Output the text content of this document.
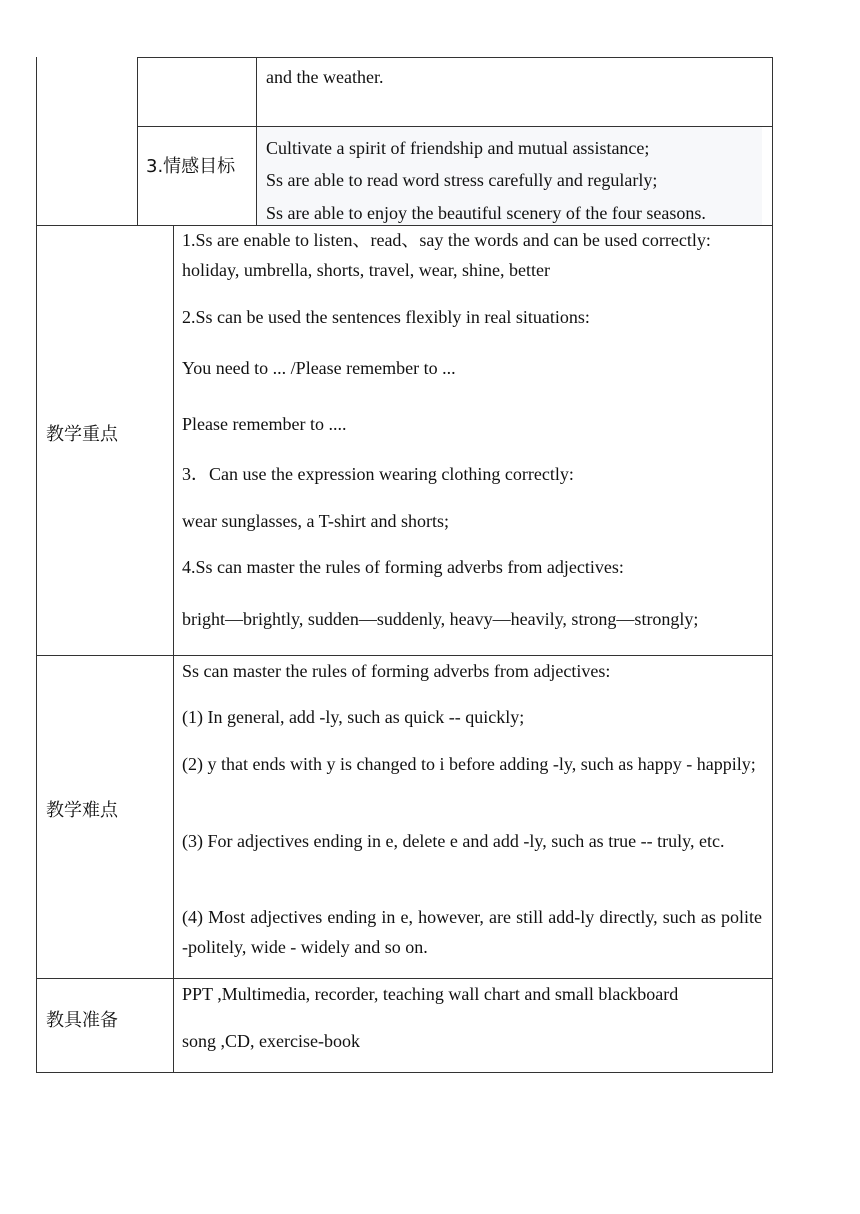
and the weather.
3.情感目标
Cultivate a spirit of friendship and mutual assistance;
Ss are able to read word stress carefully and regularly;
Ss are able to enjoy the beautiful scenery of the four seasons.
教学重点
1.Ss are enable to listen、read、say the words and can be used correctly:
holiday, umbrella, shorts, travel, wear, shine, better
2.Ss can be used the sentences flexibly in real situations:
You need to ... /Please remember to ...
Please remember to ....
3．Can use the expression wearing clothing correctly:
wear sunglasses, a T-shirt and shorts;
4.Ss can master the rules of forming adverbs from adjectives:
bright—brightly, sudden—suddenly, heavy—heavily, strong—strongly;
教学难点
Ss can master the rules of forming adverbs from adjectives:
(1) In general, add -ly, such as quick -- quickly;
(2) y that ends with y is changed to i before adding -ly, such as happy - happily;
(3) For adjectives ending in e, delete e and add -ly, such as true -- truly, etc.
(4) Most adjectives ending in e, however, are still add-ly directly, such as polite -politely, wide - widely and so on.
教具准备
PPT ,Multimedia, recorder, teaching wall chart and small blackboard
song ,CD, exercise-book
